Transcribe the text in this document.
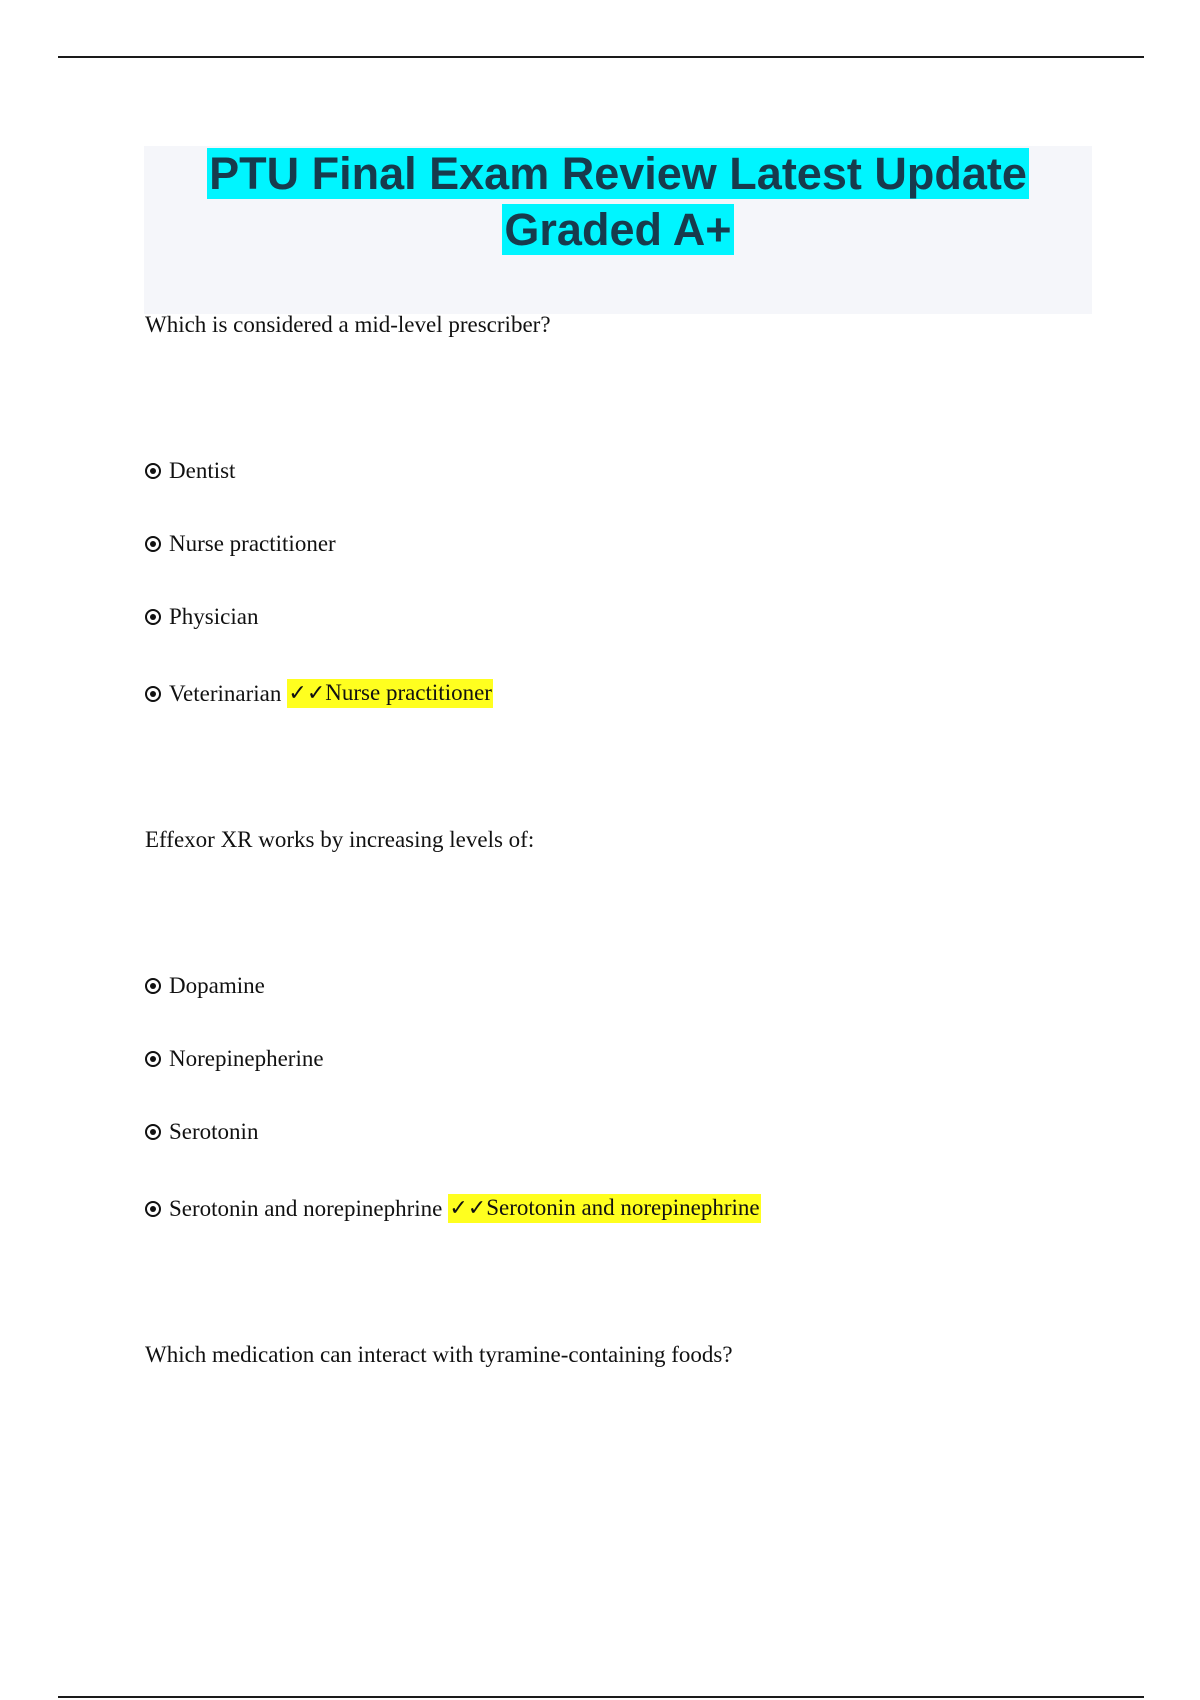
PTU Final Exam Review Latest Update
Graded A+
Which is considered a mid-level prescriber?
Dentist
Nurse practitioner
Physician
Veterinarian ✓✓Nurse practitioner
Effexor XR works by increasing levels of:
Dopamine
Norepinepherine
Serotonin
Serotonin and norepinephrine ✓✓Serotonin and norepinephrine
Which medication can interact with tyramine-containing foods?
